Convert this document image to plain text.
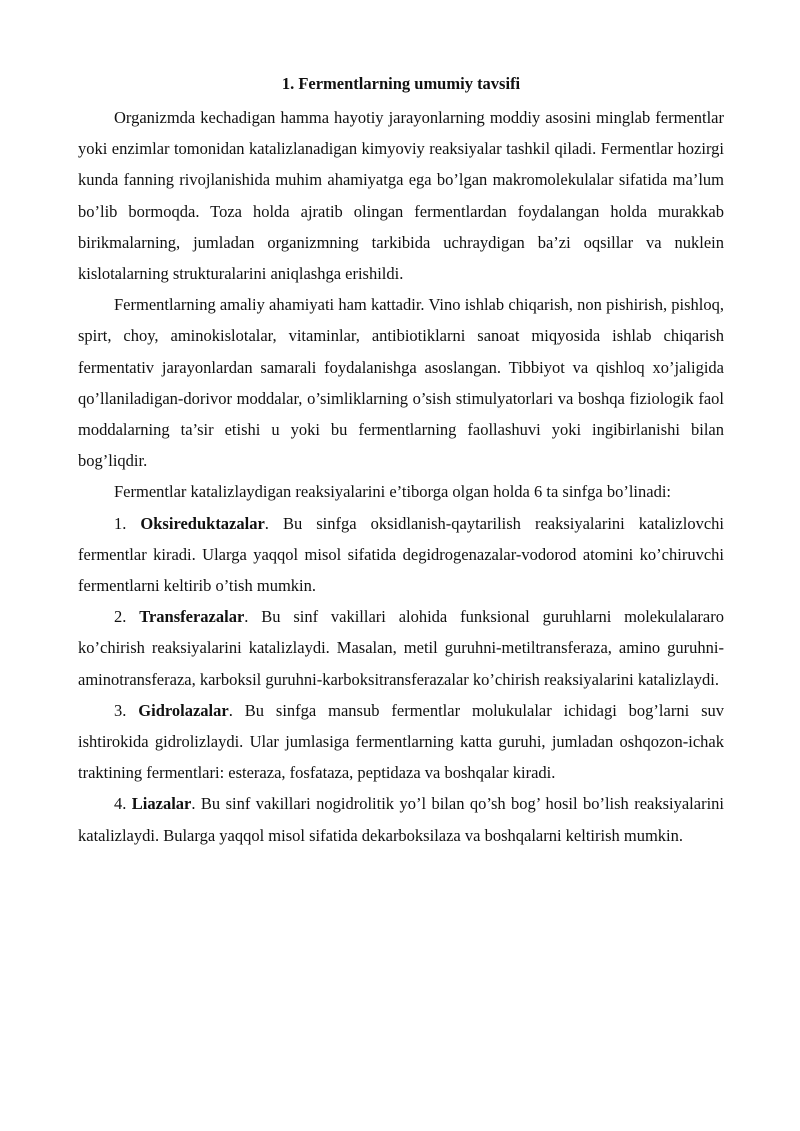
1. Fermentlarning umumiy tavsifi

Organizmda kechadigan hamma hayotiy jarayonlarning moddiy asosini minglab fermentlar yoki enzimlar tomonidan katalizlanadigan kimyoviy reaksiyalar tashkil qiladi. Fermentlar hozirgi kunda fanning rivojlanishida muhim ahamiyatga ega bo’lgan makromolekulalar sifatida ma’lum bo’lib bormoqda. Toza holda ajratib olingan fermentlardan foydalangan holda murakkab birikmalarning, jumladan organizmning tarkibida uchraydigan ba’zi oqsillar va nuklein kislotalarning strukturalarini aniqlashga erishildi.

Fermentlarning amaliy ahamiyati ham kattadir. Vino ishlab chiqarish, non pishirish, pishloq, spirt, choy, aminokislotalar, vitaminlar, antibiotiklarni sanoat miqyosida ishlab chiqarish fermentativ jarayonlardan samarali foydalanishga asoslangan. Tibbiyot va qishloq xo’jaligida qo’llaniladigan-dorivor moddalar, o’simliklarning o’sish stimulyatorlari va boshqa fiziologik faol moddalarning ta’sir etishi u yoki bu fermentlarning faollashuvi yoki ingibirlanishi bilan bog’liqdir.

Fermentlar katalizlaydigan reaksiyalarini e’tiborga olgan holda 6 ta sinfga bo’linadi:

1. Oksireduktazalar. Bu sinfga oksidlanish-qaytarilish reaksiyalarini katalizlovchi fermentlar kiradi. Ularga yaqqol misol sifatida degidrogenazalar-vodorod atomini ko’chiruvchi fermentlarni keltirib o’tish mumkin.

2. Transferazalar. Bu sinf vakillari alohida funksional guruhlarni molekulalararo ko’chirish reaksiyalarini katalizlaydi. Masalan, metil guruhni-metiltransferaza, amino guruhni-aminotransferaza, karboksil guruhni-karboksitransferazalar ko’chirish reaksiyalarini katalizlaydi.

3. Gidrolazalar. Bu sinfga mansub fermentlar molukulalar ichidagi bog’larni suv ishtirokida gidrolizlaydi. Ular jumlasiga fermentlarning katta guruhi, jumladan oshqozon-ichak traktining fermentlari: esteraza, fosfataza, peptidaza va boshqalar kiradi.

4. Liazalar. Bu sinf vakillari nogidrolitik yo’l bilan qo’sh bog’ hosil bo’lish reaksiyalarini katalizlaydi. Bularga yaqqol misol sifatida dekarboksilaza va boshqalarni keltirish mumkin.
